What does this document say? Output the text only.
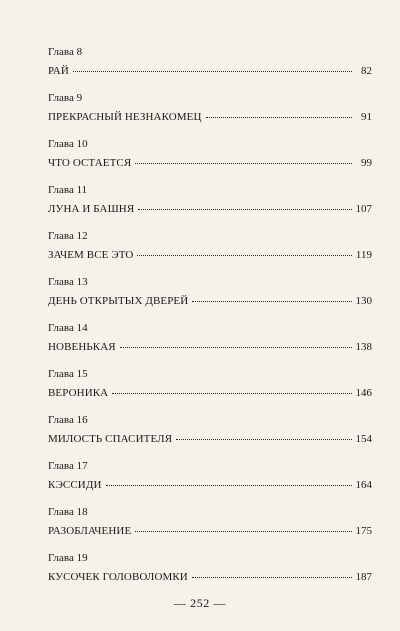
Глава 8
РАЙ	82
Глава 9
ПРЕКРАСНЫЙ НЕЗНАКОМЕЦ	91
Глава 10
ЧТО ОСТАЕТСЯ	99
Глава 11
ЛУНА И БАШНЯ	107
Глава 12
ЗАЧЕМ ВСЕ ЭТО	119
Глава 13
ДЕНЬ ОТКРЫТЫХ ДВЕРЕЙ	130
Глава 14
НОВЕНЬКАЯ	138
Глава 15
ВЕРОНИКА	146
Глава 16
МИЛОСТЬ СПАСИТЕЛЯ	154
Глава 17
КЭССИДИ	164
Глава 18
РАЗОБЛАЧЕНИЕ	175
Глава 19
КУСОЧЕК ГОЛОВОЛОМКИ	187
— 252 —
